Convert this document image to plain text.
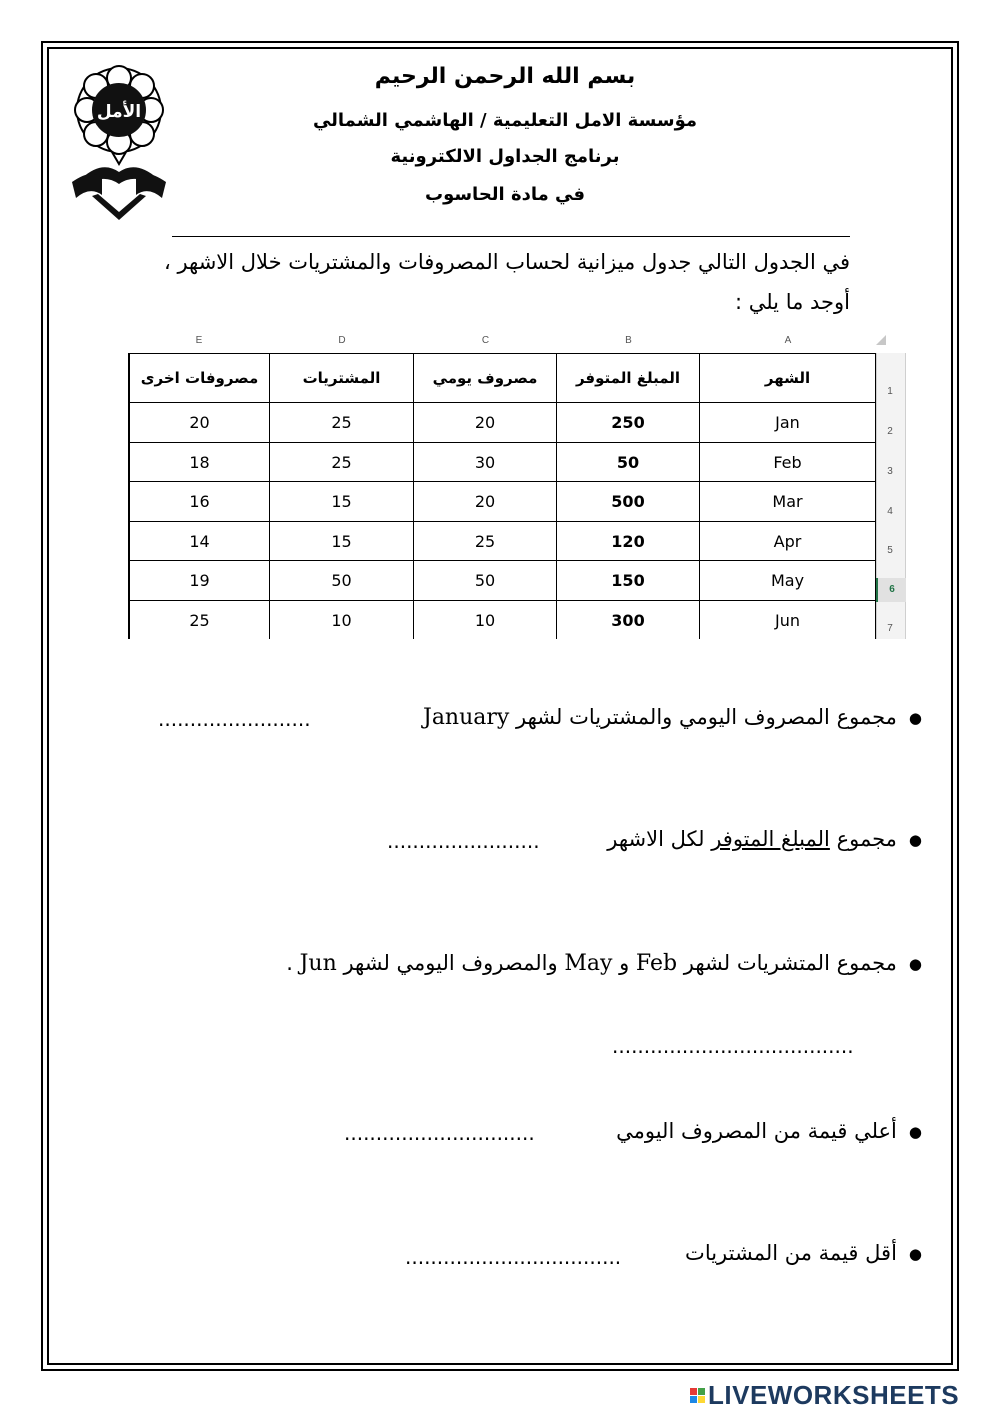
الأمل
بسم الله الرحمن الرحيم
مؤسسة الامل التعليمية / الهاشمي الشمالي
برنامج الجداول الالكترونية
في مادة الحاسوب
في الجدول التالي جدول ميزانية لحساب المصروفات والمشتريات خلال الاشهر ، أوجد ما يلي :
E	D	C	B	A
1
2
3
4
5
6
7
مصروفات اخرى	المشتريات	مصروف يومي	المبلغ المتوفر	الشهر
20	25	20	250	Jan
18	25	30	50	Feb
16	15	20	500	Mar
14	15	25	120	Apr
19	50	50	150	May
25	10	10	300	Jun
●مجموع المصروف اليومي والمشتريات لشهر January
........................
●مجموع المبلغ المتوفر لكل الاشهر
........................
●مجموع المتشريات لشهر Feb و May والمصروف اليومي لشهر Jun .
......................................
●أعلي قيمة من المصروف اليومي
..............................
●أقل قيمة من المشتريات
..................................
LIVEWORKSHEETS
